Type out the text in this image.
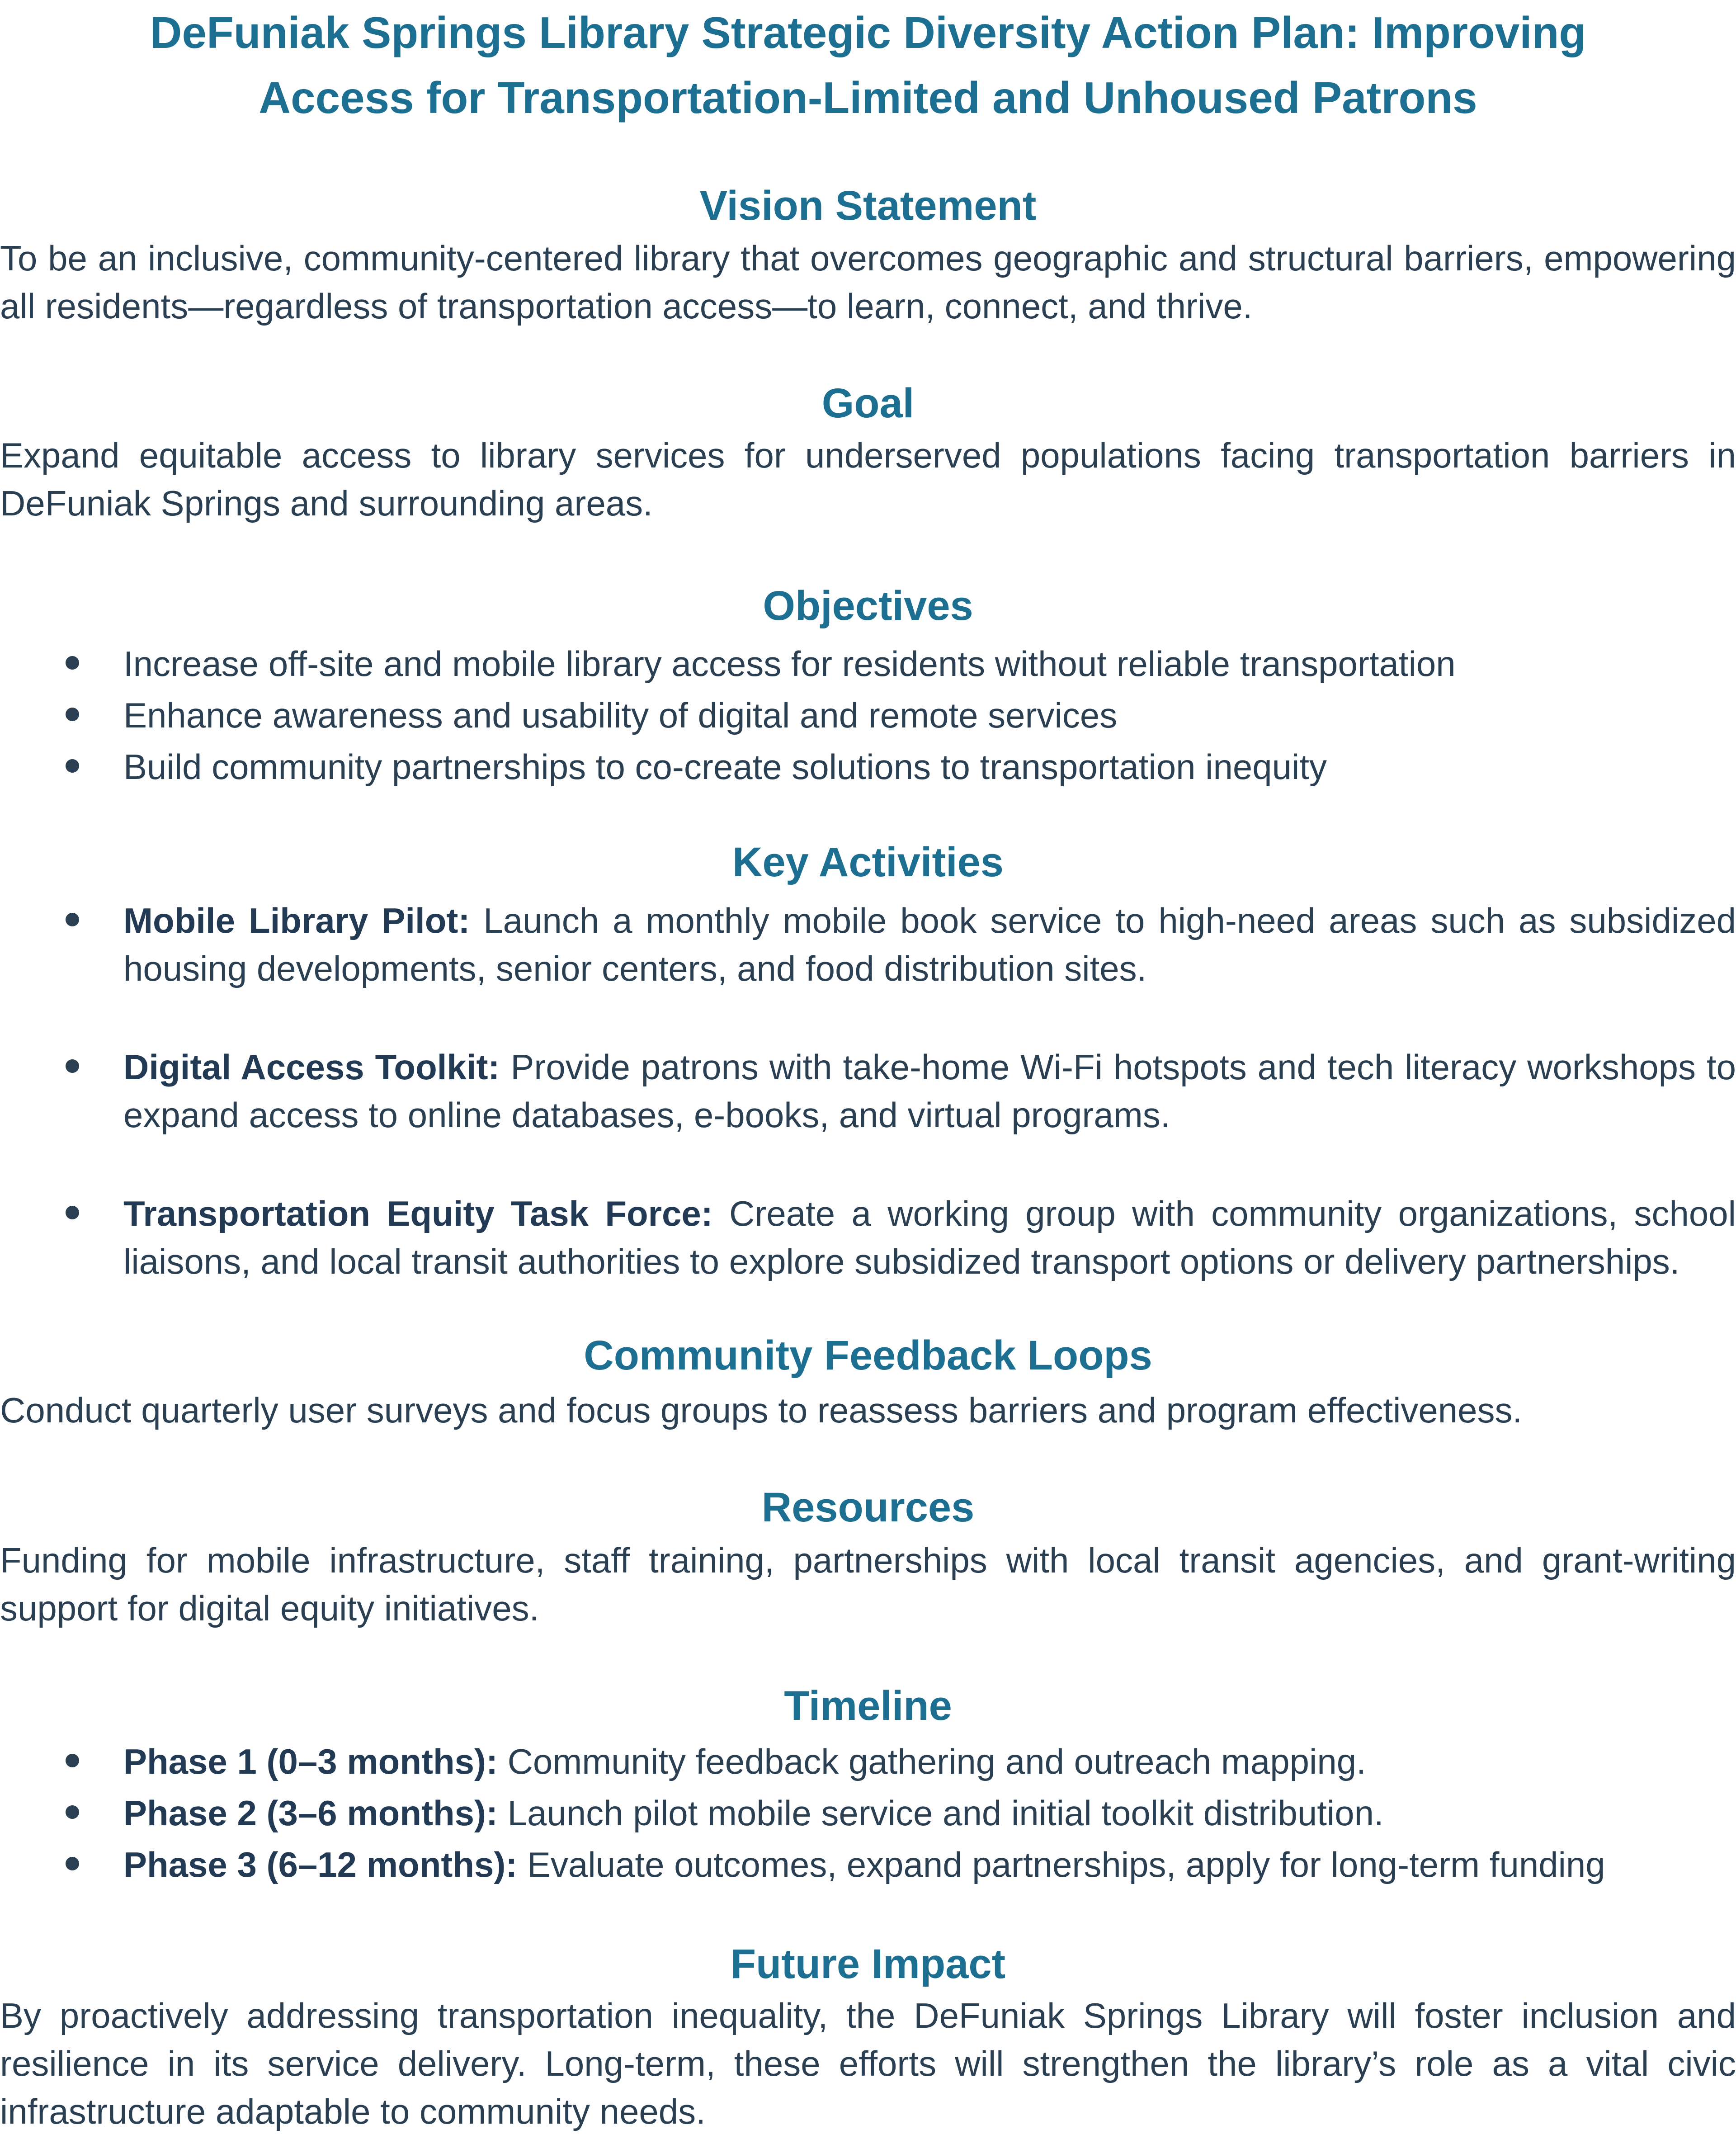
DeFuniak Springs Library Strategic Diversity Action Plan: Improving
Access for Transportation-Limited and Unhoused Patrons
Vision Statement

To be an inclusive, community-centered library that overcomes geographic and structural barriers, empowering all residents—regardless of transportation access—to learn, connect, and thrive.

Goal

Expand equitable access to library services for underserved populations facing transportation barriers in DeFuniak Springs and surrounding areas.

Objectives
Increase off-site and mobile library access for residents without reliable transportation
Enhance awareness and usability of digital and remote services
Build community partnerships to co-create solutions to transportation inequity
Key Activities
Mobile Library Pilot: Launch a monthly mobile book service to high-need areas such as subsidized housing developments, senior centers, and food distribution sites.
Digital Access Toolkit: Provide patrons with take-home Wi-Fi hotspots and tech literacy workshops to expand access to online databases, e-books, and virtual programs.
Transportation Equity Task Force: Create a working group with community organizations, school liaisons, and local transit authorities to explore subsidized transport options or delivery partnerships.
Community Feedback Loops

Conduct quarterly user surveys and focus groups to reassess barriers and program effectiveness.

Resources

Funding for mobile infrastructure, staff training, partnerships with local transit agencies, and grant-writing support for digital equity initiatives.

Timeline
Phase 1 (0–3 months): Community feedback gathering and outreach mapping.
Phase 2 (3–6 months): Launch pilot mobile service and initial toolkit distribution.
Phase 3 (6–12 months): Evaluate outcomes, expand partnerships, apply for long-term funding
Future Impact

By proactively addressing transportation inequality, the DeFuniak Springs Library will foster inclusion and resilience in its service delivery. Long-term, these efforts will strengthen the library’s role as a vital civic infrastructure adaptable to community needs.
